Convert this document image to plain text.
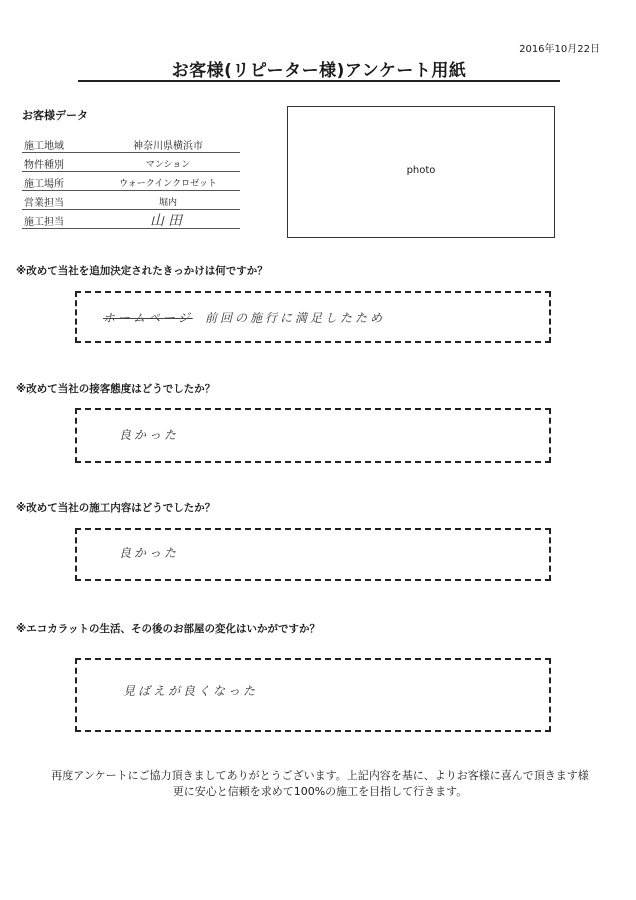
2016年10月22日
お客様(リピーター様)アンケート用紙
お客様データ
施工地域	神奈川県横浜市
物件種別	マンション
施工場所	ウォークインクロゼット
営業担当	堀内
施工担当	山田
photo
※改めて当社を追加決定されたきっかけは何ですか？
ホームページ 前回の施行に満足したため
※改めて当社の接客態度はどうでしたか？
良かった
※改めて当社の施工内容はどうでしたか？
良かった
※エコカラットの生活、その後のお部屋の変化はいかがですか？
見ばえが良くなった
再度アンケートにご協力頂きましてありがとうございます。上記内容を基に、よりお客様に喜んで頂きます様
更に安心と信頼を求めて100%の施工を目指して行きます。
